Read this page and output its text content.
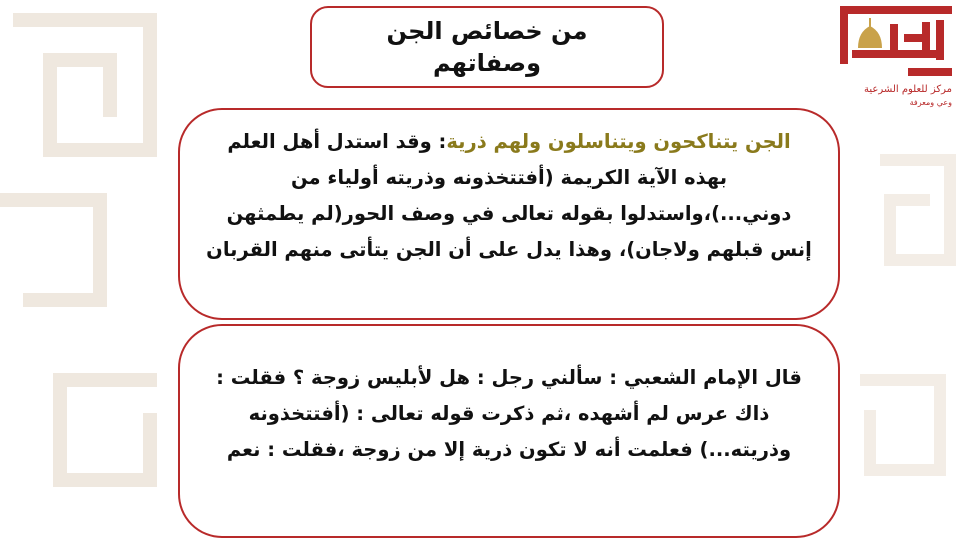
من خصائص الجن
وصفاتهم
مركز للعلوم الشرعية
وعي ومعرفة
الجن يتناكحون ويتناسلون ولهم ذرية: وقد استدل أهل العلم بهذه الآية الكريمة (أفتتخذونه وذريته أولياء من دوني...)،واستدلوا بقوله تعالى في وصف الحور(لم يطمثهن إنس قبلهم ولاجان)، وهذا يدل على أن الجن يتأتى منهم القربان
قال الإمام الشعبي : سألني رجل : هل لأبليس زوجة ؟ فقلت : ذاك عرس لم أشهده ،ثم ذكرت قوله تعالى : (أفتتخذونه وذريته...) فعلمت أنه لا تكون ذرية إلا من زوجة ،فقلت : نعم
